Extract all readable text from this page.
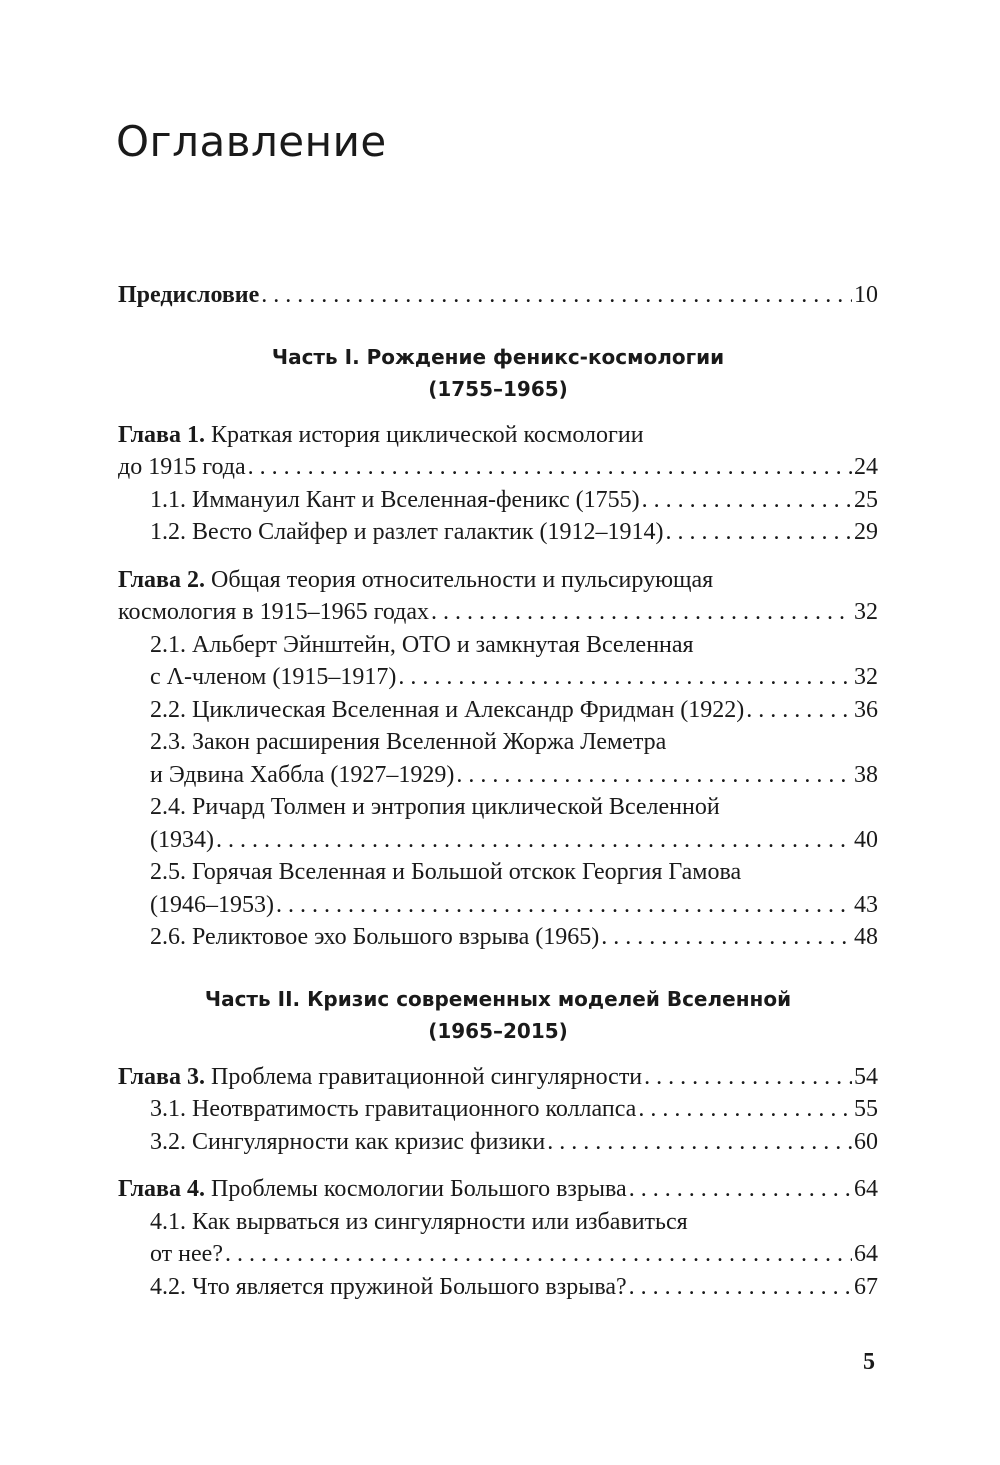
Оглавление
Предисловие . . .	10
Часть I. Рождение феникс-космологии
(1755–1965)
Глава 1. Краткая история циклической космологии
до 1915 года . . .	24
1.1. Иммануил Кант и Вселенная-феникс (1755) . . .	25
1.2. Весто Слайфер и разлет галактик (1912–1914) . . .	29
Глава 2. Общая теория относительности и пульсирующая
космология в 1915–1965 годах . . .	32
2.1. Альберт Эйнштейн, ОТО и замкнутая Вселенная
с Λ-членом (1915–1917) . . .	32
2.2. Циклическая Вселенная и Александр Фридман (1922) . . .	36
2.3. Закон расширения Вселенной Жоржа Леметра
и Эдвина Хаббла (1927–1929) . . .	38
2.4. Ричард Толмен и энтропия циклической Вселенной
(1934) . . .	40
2.5. Горячая Вселенная и Большой отскок Георгия Гамова
(1946–1953) . . .	43
2.6. Реликтовое эхо Большого взрыва (1965) . . .	48
Часть II. Кризис современных моделей Вселенной
(1965–2015)
Глава 3. Проблема гравитационной сингулярности . . .	54
3.1. Неотвратимость гравитационного коллапса . . .	55
3.2. Сингулярности как кризис физики . . .	60
Глава 4. Проблемы космологии Большого взрыва . . .	64
4.1. Как вырваться из сингулярности или избавиться
от нее? . . .	64
4.2. Что является пружиной Большого взрыва? . . .	67
5
